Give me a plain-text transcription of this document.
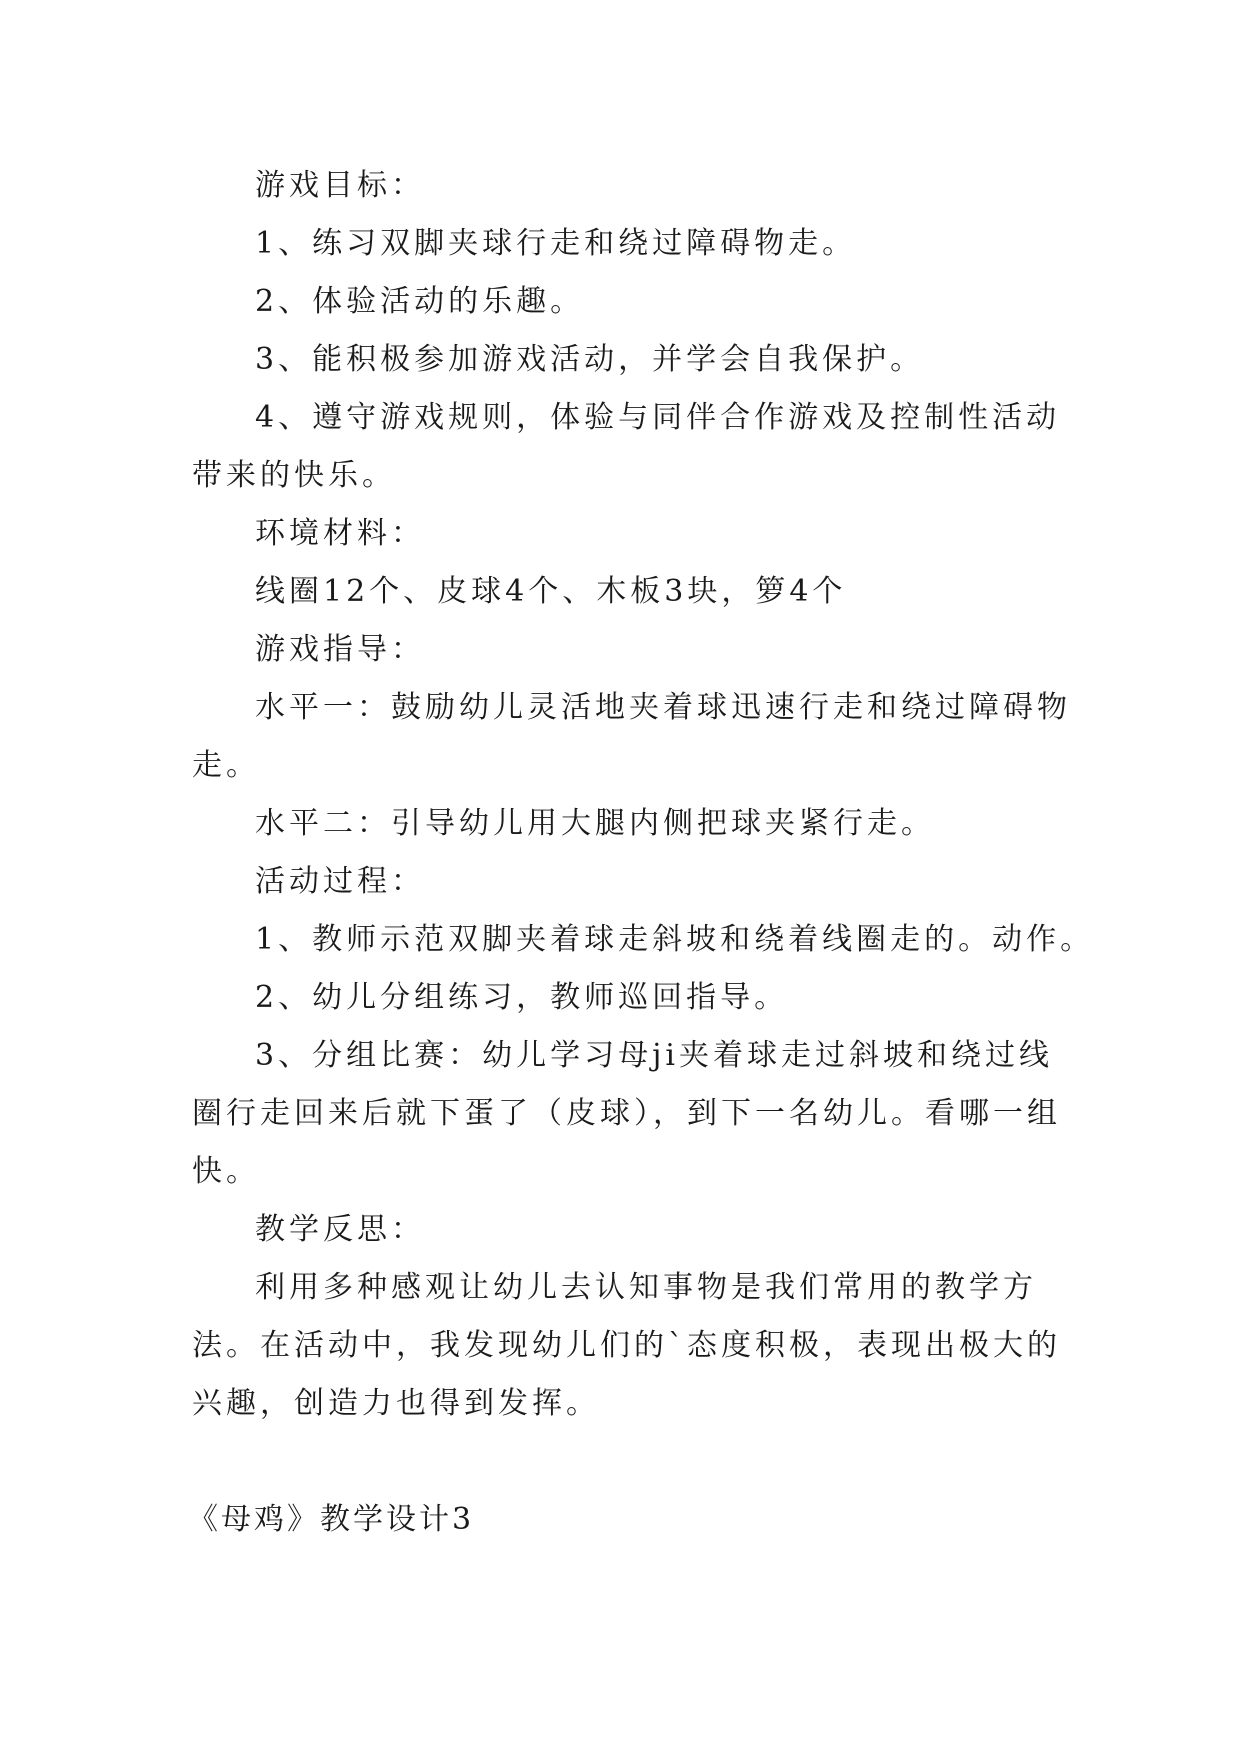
游戏目标：
1、练习双脚夹球行走和绕过障碍物走。
2、体验活动的乐趣。
3、能积极参加游戏活动，并学会自我保护。
4、遵守游戏规则，体验与同伴合作游戏及控制性活动
带来的快乐。
环境材料：
线圈12个、皮球4个、木板3块，箩4个
游戏指导：
水平一：鼓励幼儿灵活地夹着球迅速行走和绕过障碍物
走。
水平二：引导幼儿用大腿内侧把球夹紧行走。
活动过程：
1、教师示范双脚夹着球走斜坡和绕着线圈走的。动作。
2、幼儿分组练习，教师巡回指导。
3、分组比赛：幼儿学习母ji夹着球走过斜坡和绕过线
圈行走回来后就下蛋了（皮球），到下一名幼儿。看哪一组
快。
教学反思：
利用多种感观让幼儿去认知事物是我们常用的教学方
法。在活动中，我发现幼儿们的`态度积极，表现出极大的
兴趣，创造力也得到发挥。
《母鸡》教学设计3
